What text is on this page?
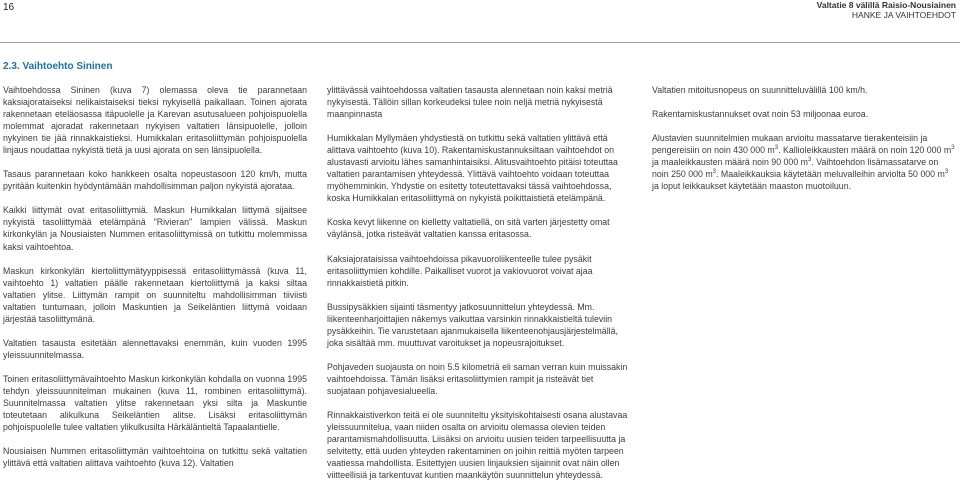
16	Valtatie 8 välillä Raisio-Nousiainen
HANKE JA VAIHTOEHDOT
2.3. Vaihtoehto Sininen

Vaihtoehdossa Sininen (kuva 7) olemassa oleva tie parannetaan kaksiajorataiseksi nelikaistaiseksi tieksi nykyisellä paikallaan. Toinen ajorata rakennetaan eteläosassa itäpuolelle ja Karevan asutusalueen pohjoispuolella molemmat ajoradat rakennetaan nykyisen valtatien länsipuolelle, jolloin nykyinen tie jää rinnakkaistieksi. Humikkalan eritasoliittymän pohjoispuolella linjaus noudattaa nykyistä tietä ja uusi ajorata on sen länsipuolella.

Tasaus parannetaan koko hankkeen osalta nopeustasoon 120 km/h, mutta pyritään kuitenkin hyödyntämään mahdollisimman paljon nykyistä ajorataa.

Kaikki liittymät ovat eritasoliittymiä. Maskun Humikkalan liittymä sijaitsee nykyistä tasoliittymää etelämpänä "Rivieran" lampien välissä. Maskun kirkonkylän ja Nousiaisten Nummen eritasoliittymissä on tutkittu molemmissa kaksi vaihtoehtoa.

Maskun kirkonkylän kiertoliittymätyyppisessä eritasoliittymässä (kuva 11, vaihtoehto 1) valtatien päälle rakennetaan kiertoliittymä ja kaksi siltaa valtatien ylitse. Liittymän rampit on suunniteltu mahdollisimman tiiviisti valtatien tuntumaan, jolloin Maskuntien ja Seikeläntien liittymä voidaan järjestää tasoliittymänä.

Valtatien tasausta esitetään alennettavaksi enemmän, kuin vuoden 1995 yleissuunnitelmassa.

Toinen eritasoliittymävaihtoehto Maskun kirkonkylän kohdalla on vuonna 1995 tehdyn yleissuunnitelman mukainen (kuva 11, rombinen eritasoliittymä). Suunnitelmassa valtatien ylitse rakennetaan yksi silta ja Maskuntie toteutetaan alikulkuna Seikeläntien alitse. Lisäksi eritasoliittymän pohjoispuolelle tulee valtatien ylikulkusilta Härkäläntieltä Tapaalantielle.

Nousiaisen Nummen eritasoliittymän vaihtoehtoina on tutkittu sekä valtatien ylittävä että valtatien alittava vaihtoehto (kuva 12). Valtatien

ylittävässä vaihtoehdossa valtatien tasausta alennetaan noin kaksi metriä nykyisestä. Tällöin sillan korkeudeksi tulee noin neljä metriä nykyisestä maanpinnasta

Humikkalan Myllymäen yhdystiestä on tutkittu sekä valtatien ylittävä että alittava vaihtoehto (kuva 10). Rakentamiskustannuksiltaan vaihtoehdot on alustavasti arvioitu lähes samanhintaisiksi. Alitusvaihtoehto pitäisi toteuttaa valtatien parantamisen yhteydessä. Ylittävä vaihtoehto voidaan toteuttaa myöhemminkin. Yhdystie on esitetty toteutettavaksi tässä vaihtoehdossa, koska Humikkalan eritasoliittymä on nykyistä poikittaistietä etelämpänä.

Koska kevyt liikenne on kielletty valtatiellä, on sitä varten järjestetty omat väylänsä, jotka risteävät valtatien kanssa eritasossa.

Kaksiajorataisissa vaihtoehdoissa pikavuoroliikenteelle tulee pysäkit eritasoliittymien kohdille. Paikalliset vuorot ja vakiovuorot voivat ajaa rinnakkaistietä pitkin.

Bussipysäkkien sijainti täsmentyy jatkosuunnittelun yhteydessä. Mm. liikenteenharjoittajien näkemys vaikuttaa varsinkin rinnakkaistieltä tuleviin pysäkkeihin. Tie varustetaan ajanmukaisella liikenteenohjausjärjestelmällä, joka sisältää mm. muuttuvat varoitukset ja nopeusrajoitukset.

Pohjaveden suojausta on noin 5.5 kilometriä eli saman verran kuin muissakin vaihtoehdoissa. Tämän lisäksi eritasoliittymien rampit ja risteävät tiet suojataan pohjavesialueella.

Rinnakkaistiverkon teitä ei ole suunniteltu yksityiskohtaisesti osana alustavaa yleissuunnitelua, vaan niiden osalta on arvioitu olemassa olevien teiden parantamismahdollisuutta. Liisäksi on arvioitu uusien teiden tarpeellisuutta ja selvitetty, että uuden yhteyden rakentaminen on joihin reittiä myöten tarpeen vaatiessa mahdollista. Esitettyjen uusien linjauksien sijainnit ovat näin ollen viitteellisiä ja tarkentuvat kuntien maankäytön suunnittelun yhteydessä.

Valtatien mitoitusnopeus on suunnitteluvälillä 100 km/h.

Rakentamiskustannukset ovat noin 53 miljoonaa euroa.

Alustavien suunnitelmien mukaan arvioitu massatarve tierakenteisiin ja pengereisiin on noin 430 000 $m^3$. Kallioleikkausten määrä on noin 120 000 $m^3$ ja maaleikkausten määrä noin 90 000 $m^3$. Vaihtoehdon lisämassatarve on noin 250 000 $m^3$. Maaleikkauksia käytetään meluvalleihin arviolta 50 000 $m^3$ ja loput leikkaukset käytetään maaston muotoiluun.
